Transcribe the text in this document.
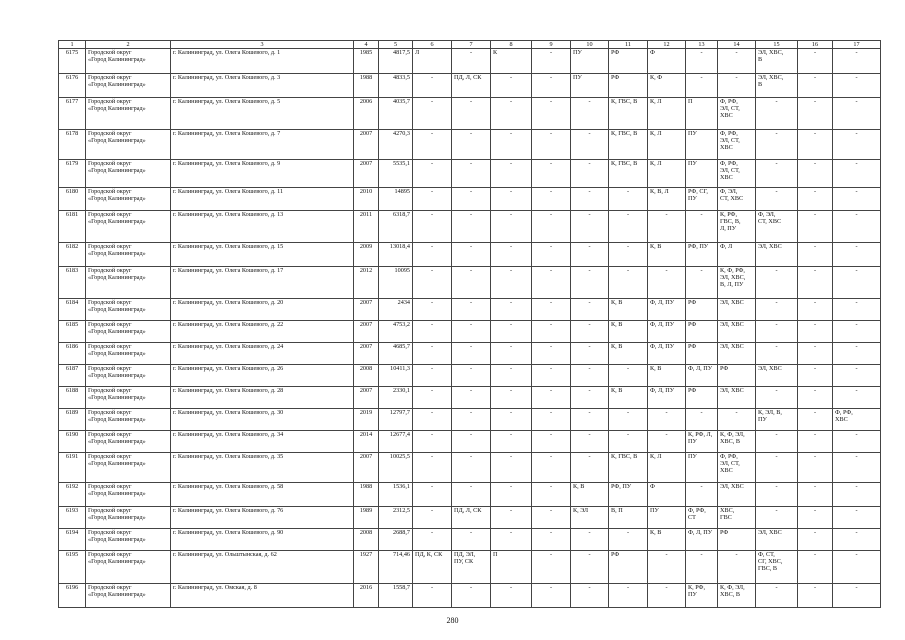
1	2	3	4	5	6	7	8	9	10	11	12	13	14	15	16	17
6175	Городской округ
«Город Калининград»	г. Калининград, ул. Олега Кошевого, д. 1	1985	4817,5	Л	-	К	-	ПУ	РФ	Ф	-	-	ЭЛ, ХВС,
В	-	-
6176	Городской округ
«Город Калининград»	г. Калининград, ул. Олега Кошевого, д. 3	1988	4833,5	-	ПД, Л, СК	-	-	ПУ	РФ	К, Ф	-	-	ЭЛ, ХВС,
В	-	-
6177	Городской округ
«Город Калининград»	г. Калининград, ул. Олега Кошевого, д. 5	2006	4035,7	-	-	-	-	-	К, ГВС, В	К, Л	П	Ф, РФ,
ЭЛ, СТ,
ХВС	-	-	-
6178	Городской округ
«Город Калининград»	г. Калининград, ул. Олега Кошевого, д. 7	2007	4270,3	-	-	-	-	-	К, ГВС, В	К, Л	ПУ	Ф, РФ,
ЭЛ, СТ,
ХВС	-	-	-
6179	Городской округ
«Город Калининград»	г. Калининград, ул. Олега Кошевого, д. 9	2007	5535,1	-	-	-	-	-	К, ГВС, В	К, Л	ПУ	Ф, РФ,
ЭЛ, СТ,
ХВС	-	-	-
6180	Городской округ
«Город Калининград»	г. Калининград, ул. Олега Кошевого, д. 11	2010	14895	-	-	-	-	-	-	К, В, Л	РФ, СГ,
ПУ	Ф, ЭЛ,
СТ, ХВС	-	-	-
6181	Городской округ
«Город Калининград»	г. Калининград, ул. Олега Кошевого, д. 13	2011	6318,7	-	-	-	-	-	-	-	-	К, РФ,
ГВС, В,
Л, ПУ	Ф, ЭЛ,
СТ, ХВС	-	-
6182	Городской округ
«Город Калининград»	г. Калининград, ул. Олега Кошевого, д. 15	2009	13018,4	-	-	-	-	-	-	К, В	РФ, ПУ	Ф, Л	ЭЛ, ХВС	-	-
6183	Городской округ
«Город Калининград»	г. Калининград, ул. Олега Кошевого, д. 17	2012	10095	-	-	-	-	-	-	-	-	К, Ф, РФ,
ЭЛ, ХВС,
В, Л, ПУ	-	-	-
6184	Городской округ
«Город Калининград»	г. Калининград, ул. Олега Кошевого, д. 20	2007	2434	-	-	-	-	-	К, В	Ф, Л, ПУ	РФ	ЭЛ, ХВС	-	-	-
6185	Городской округ
«Город Калининград»	г. Калининград, ул. Олега Кошевого, д. 22	2007	4753,2	-	-	-	-	-	К, В	Ф, Л, ПУ	РФ	ЭЛ, ХВС	-	-	-
6186	Городской округ
«Город Калининград»	г. Калининград, ул. Олега Кошевого, д. 24	2007	4685,7	-	-	-	-	-	К, В	Ф, Л, ПУ	РФ	ЭЛ, ХВС	-	-	-
6187	Городской округ
«Город Калининград»	г. Калининград, ул. Олега Кошевого, д. 26	2008	10411,3	-	-	-	-	-	-	К, В	Ф, Л, ПУ	РФ	ЭЛ, ХВС	-	-
6188	Городской округ
«Город Калининград»	г. Калининград, ул. Олега Кошевого, д. 28	2007	2330,1	-	-	-	-	-	К, В	Ф, Л, ПУ	РФ	ЭЛ, ХВС	-	-	-
6189	Городской округ
«Город Калининград»	г. Калининград, ул. Олега Кошевого, д. 30	2019	12797,7	-	-	-	-	-	-	-	-	-	К, ЭЛ, В,
ПУ	-	Ф, РФ,
ХВС
6190	Городской округ
«Город Калининград»	г. Калининград, ул. Олега Кошевого, д. 34	2014	12677,4	-	-	-	-	-	-	-	К, РФ, Л,
ПУ	К, Ф, ЭЛ,
ХВС, В	-	-	-
6191	Городской округ
«Город Калининград»	г. Калининград, ул. Олега Кошевого, д. 35	2007	10025,5	-	-	-	-	-	К, ГВС, В	К, Л	ПУ	Ф, РФ,
ЭЛ, СТ,
ХВС	-	-	-
6192	Городской округ
«Город Калининград»	г. Калининград, ул. Олега Кошевого, д. 58	1988	1536,1	-	-	-	-	К, В	РФ, ПУ	Ф	-	ЭЛ, ХВС	-	-	-
6193	Городской округ
«Город Калининград»	г. Калининград, ул. Олега Кошевого, д. 76	1989	2312,5	-	ПД, Л, СК	-	-	К, ЭЛ	В, П	ПУ	Ф, РФ,
СТ	ХВС,
ГВС	-	-	-
6194	Городской округ
«Город Калининград»	г. Калининград, ул. Олега Кошевого, д. 90	2008	2688,7	-	-	-	-	-	-	К, В	Ф, Л, ПУ	РФ	ЭЛ, ХВС	-	-
6195	Городской округ
«Город Калининград»	г. Калининград, ул. Ольштынская, д. 62	1927	714,46	ПД, К, СК	ПД, ЭЛ,
ПУ, СК	П	-	-	РФ	-	-	-	Ф, СТ,
СГ, ХВС,
ГВС, В	-	-
6196	Городской округ
«Город Калининград»	г. Калининград, ул. Омская, д. 8	2016	1558,7	-	-	-	-	-	-	-	К, РФ,
ПУ	К, Ф, ЭЛ,
ХВС, В	-	-	-
280
